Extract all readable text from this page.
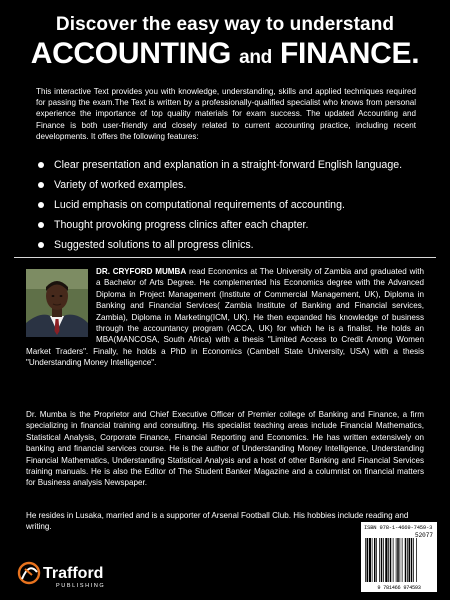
Discover the easy way to understand
ACCOUNTING and FINANCE.
This interactive Text provides you with knowledge, understanding, skills and applied techniques required for passing the exam.The Text is written by a professionally-qualified specialist who knows from personal experience the importance of top quality materials for exam success. The updated Accounting and Finance is both user-friendly and closely related to current accounting practice, including recent developments. It offers the following features:
Clear presentation and explanation in a straight-forward English language.
Variety of worked examples.
Lucid emphasis on computational requirements of accounting.
Thought provoking progress clinics after each chapter.
Suggested solutions to all progress clinics.
DR. CRYFORD MUMBA read Economics at The University of Zambia and graduated with a Bachelor of Arts Degree. He complemented his Economics degree with the Advanced Diploma in Project Management (Institute of Commercial Management, UK), Diploma in Banking and Financial Services( Zambia Institute of Banking and Financial services, Zambia), Diploma in Marketing(ICM, UK). He then expanded his knowledge of business through the accountancy program (ACCA, UK) for which he is a finalist. He holds an MBA(MANCOSA, South Africa) with a thesis "Limited Access to Credit Among Women Market Traders". Finally, he holds a PhD in Economics (Cambell State University, USA) with a thesis "Understanding Money Intelligence".
Dr. Mumba is the Proprietor and Chief Executive Officer of Premier college of Banking and Finance, a firm specializing in financial training and consulting. His specialist teaching areas include Financial Mathematics, Statistical Analysis, Corporate Finance, Financial Reporting and Economics. He has written extensively on banking and financial services course. He is the author of Understanding Money Intelligence, Understanding Financial Mathematics, Understanding Statistical Analysis and a host of other Banking and Financial Services training manuals. He is also the Editor of The Student Banker Magazine and a columnist on financial matters for Business analysis Newspaper.
He resides in Lusaka, married and is a supporter of Arsenal Football Club. His hobbies include reading and writing.
Trafford
PUBLISHING
ISBN 978-1-4669-7459-3
52077
9 781466 974593
